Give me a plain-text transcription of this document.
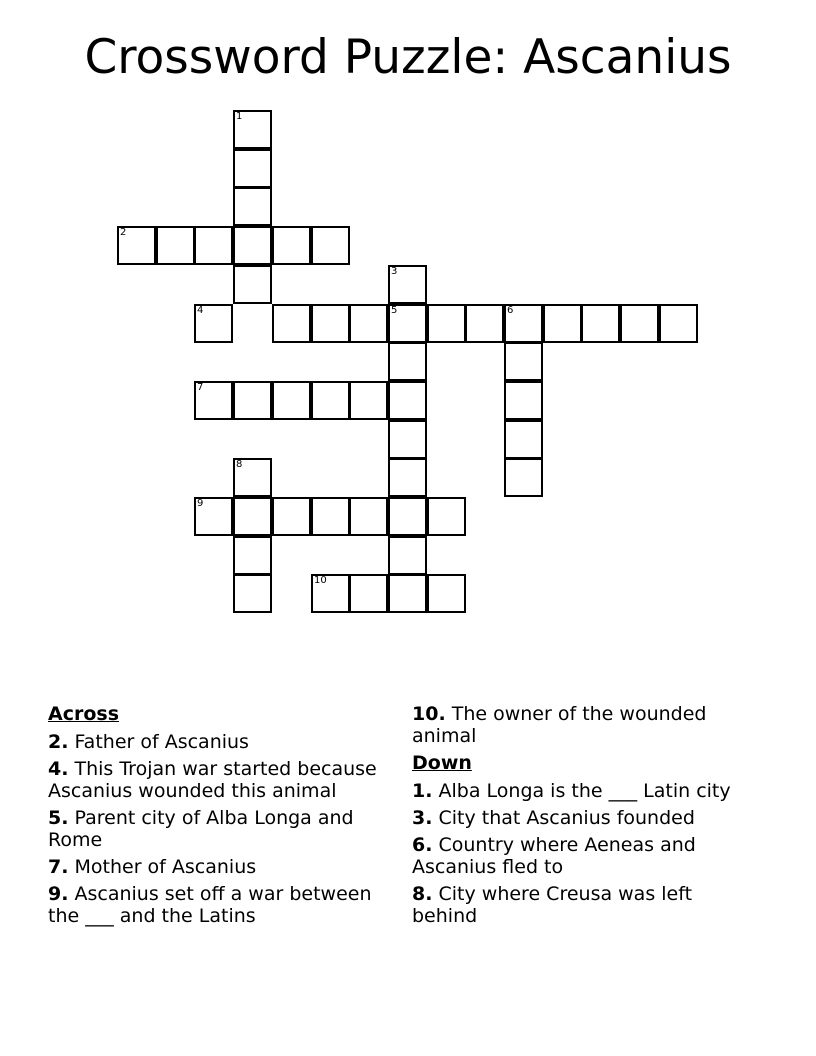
Crossword Puzzle: Ascanius
1
2
3
4	5	6
7
8
9
10
Across
2. Father of Ascanius
4. This Trojan war started because Ascanius wounded this animal
5. Parent city of Alba Longa and Rome
7. Mother of Ascanius
9. Ascanius set off a war between the ___ and the Latins
10. The owner of the wounded animal
Down
1. Alba Longa is the ___ Latin city
3. City that Ascanius founded
6. Country where Aeneas and Ascanius fled to
8. City where Creusa was left behind
